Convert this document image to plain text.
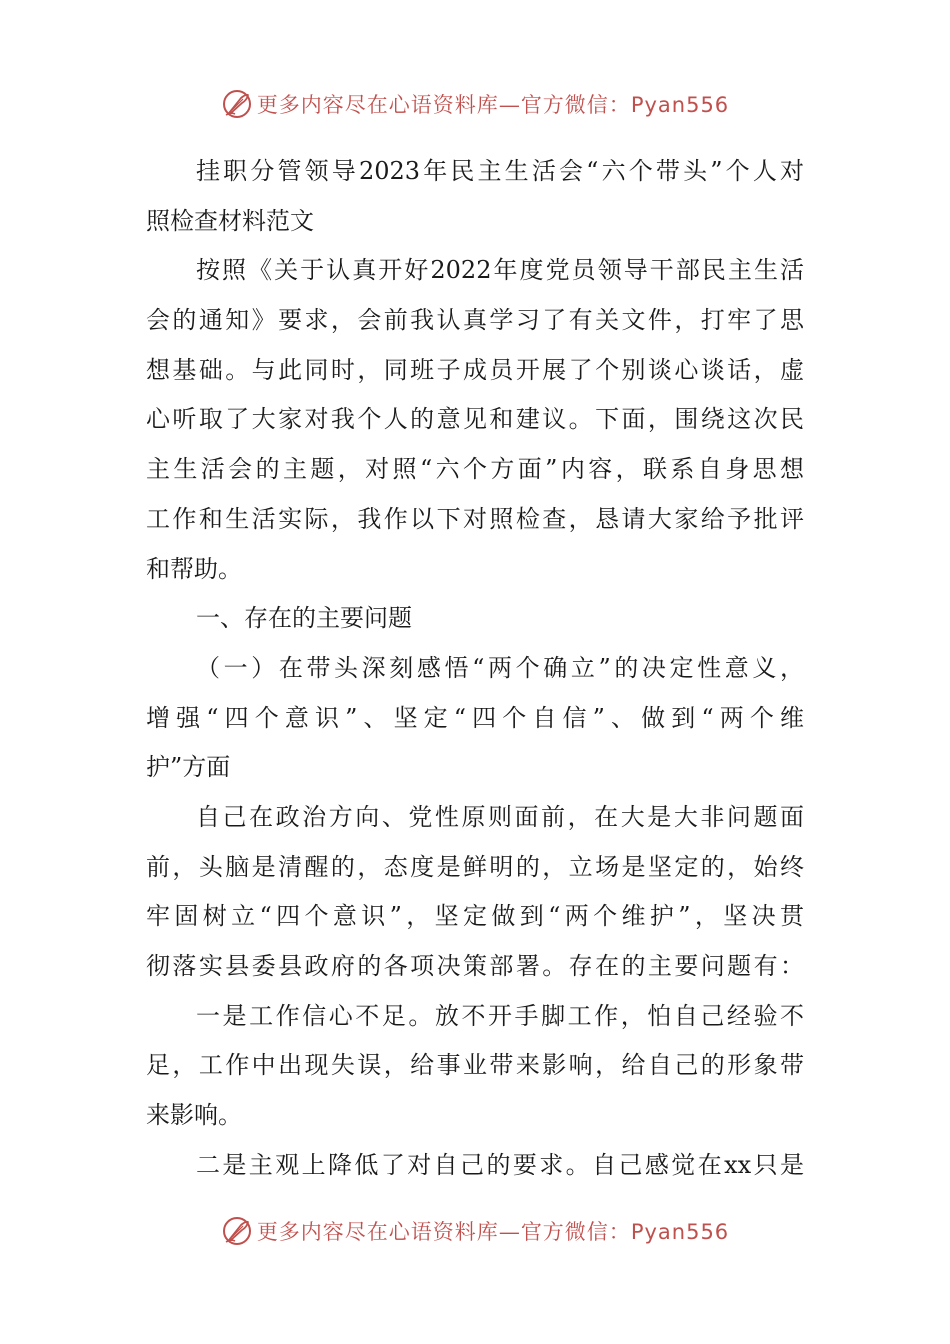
更多内容尽在心语资料库—官方微信：Pyan556
挂职分管领导2023年民主生活会“六个带头”个人对
照检查材料范文
按照《关于认真开好2022年度党员领导干部民主生活
会的通知》要求，会前我认真学习了有关文件，打牢了思
想基础。与此同时，同班子成员开展了个别谈心谈话，虚
心听取了大家对我个人的意见和建议。下面，围绕这次民
主生活会的主题，对照“六个方面”内容，联系自身思想
工作和生活实际，我作以下对照检查，恳请大家给予批评
和帮助。
一、存在的主要问题
（一）在带头深刻感悟“两个确立”的决定性意义，
增强“四个意识”、坚定“四个自信”、做到“两个维
护”方面
自己在政治方向、党性原则面前，在大是大非问题面
前，头脑是清醒的，态度是鲜明的，立场是坚定的，始终
牢固树立“四个意识”，坚定做到“两个维护”，坚决贯
彻落实县委县政府的各项决策部署。存在的主要问题有：
一是工作信心不足。放不开手脚工作，怕自己经验不
足，工作中出现失误，给事业带来影响，给自己的形象带
来影响。
二是主观上降低了对自己的要求。自己感觉在xx只是
更多内容尽在心语资料库—官方微信：Pyan556
